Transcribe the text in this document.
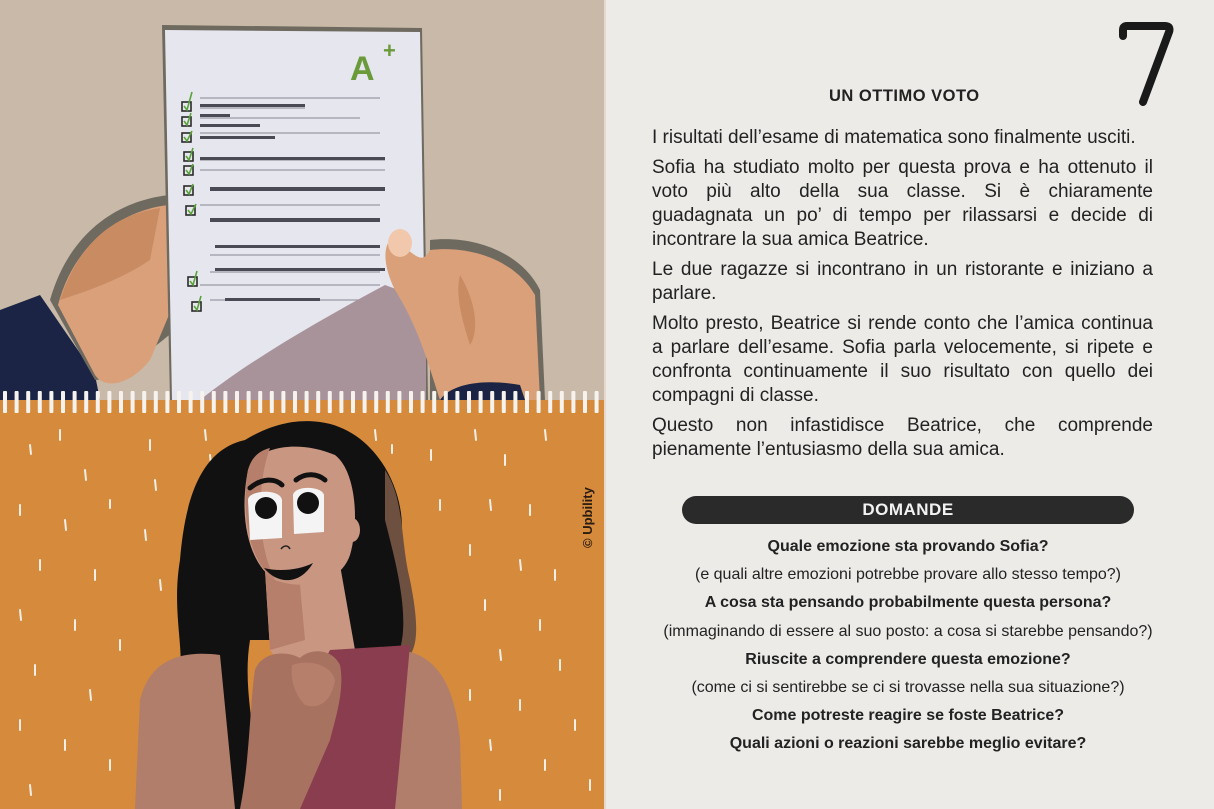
A +
© Upbility
UN OTTIMO VOTO

I risultati dell’esame di matematica sono finalmente usciti.

Sofia ha studiato molto per questa prova e ha ottenuto il voto più alto della sua classe. Si è chiaramente guadagnata un po’ di tempo per rilassarsi e decide di incontrare la sua amica Beatrice.

Le due ragazze si incontrano in un ristorante e iniziano a parlare.

Molto presto, Beatrice si rende conto che l’amica continua a parlare dell’esame. Sofia parla velocemente, si ripete e confronta continuamente il suo risultato con quello dei compagni di classe.

Questo non infastidisce Beatrice, che comprende pienamente l’entusiasmo della sua amica.

DOMANDE
Quale emozione sta provando Sofia?
(e quali altre emozioni potrebbe provare allo stesso tempo?)
A cosa sta pensando probabilmente questa persona?
(immaginando di essere al suo posto: a cosa si starebbe pensando?)
Riuscite a comprendere questa emozione?
(come ci si sentirebbe se ci si trovasse nella sua situazione?)
Come potreste reagire se foste Beatrice?
Quali azioni o reazioni sarebbe meglio evitare?
